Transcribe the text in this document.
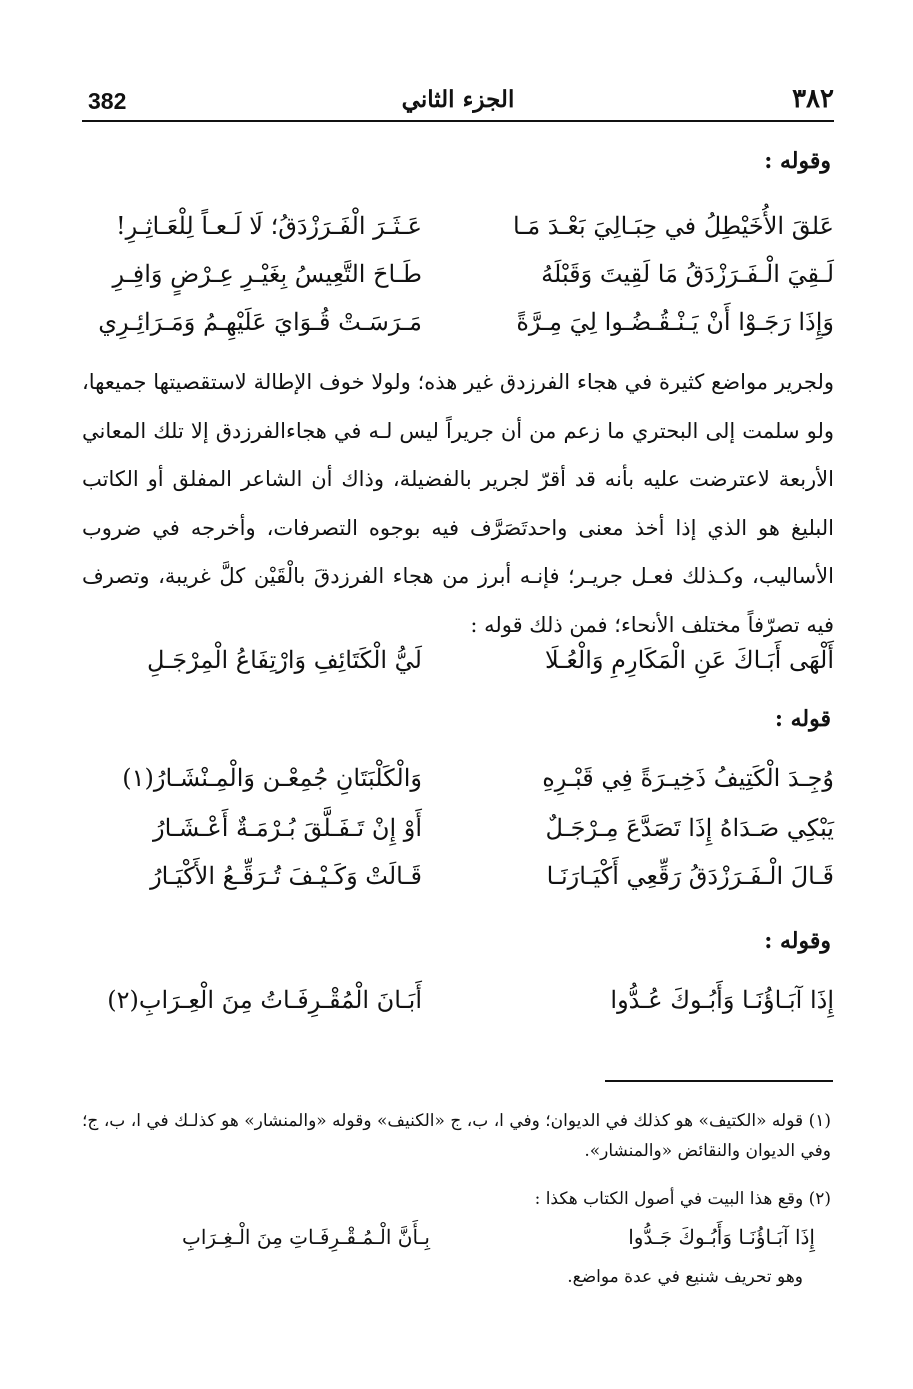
382	الجزء الثاني	٣٨٢

وقوله :

عَلقَ الأُخَيْطِلُ في حِبَـالِيَ بَعْـدَ مَـا
عَـثَـرَ الْفَـرَزْدَقُ؛ لَا لَـعـاً لِلْعَـاثِـرِ!
لَـقِيَ الْـفَـرَزْدَقُ مَا لَقِيتَ وَقَبْلَهُ
طَـاحَ التَّعِيسُ بِغَيْـرِ عِـرْضٍ وَافِـرِ
وَإِذَا رَجَـوْا أَنْ يَـنْـقُـضُـوا لِيَ مِـرَّةً
مَـرَسَـتْ قُـوَايَ عَلَيْهِـمُ وَمَـرَائِـرِي

ولجرير مواضع كثيرة في هجاء الفرزدق غير هذه؛ ولولا خوف الإطالة لاستقصيتها جميعها، ولو سلمت إلى البحتري ما زعم من أن جريراً ليس لـه في هجاءالفرزدق إلا تلك المعاني الأربعة لاعترضت عليه بأنه قد أقرّ لجرير بالفضيلة، وذاك أن الشاعر المفلق أو الكاتب البليغ هو الذي إذا أخذ معنى واحدتَصَرَّف فيه بوجوه التصرفات، وأخرجه في ضروب الأساليب، وكـذلك فعـل جريـر؛ فإنـه أبرز من هجاء الفرزدقَ بالْقَيْن كلَّ غريبة، وتصرف فيه تصرّفاً مختلف الأنحاء؛ فمن ذلك قوله :

أَلْهَى أَبَـاكَ عَنِ الْمَكَارِمِ وَالْعُـلَا
لَيُّ الْكَتَائِفِ وَارْتِفَاعُ الْمِرْجَـلِ

قوله :

وُجِـدَ الْكَتِيفُ ذَخِيـرَةً فِي قَبْـرِهِ
وَالْكَلْبَتَانِ جُمِعْـن وَالْمِـنْشَـارُ(١)
يَبْكِي صَـدَاهُ إِذَا تَصَدَّعَ مِـرْجَـلٌ
أَوْ إِنْ تَـفَـلَّقَ بُـرْمَـةٌ أَعْـشَـارُ
قَـالَ الْـفَـرَزْدَقُ رَقِّعِي أَكْيَـارَنَـا
قَـالَتْ وَكَـيْـفَ تُـرَقِّـعُ الأَكْيَـارُ

وقوله :

إِذَا آبَـاؤُنَـا وَأَبُـوكَ عُـدُّوا
أَبَـانَ الْمُقْـرِفَـاتُ مِنَ الْعِـرَابِ(٢)

(١) قوله «الكتيف» هو كذلك في الديوان؛ وفي ا، ب، ج «الكنيف» وقوله «والمنشار» هو كذلـك في ا، ب، ج؛ وفي الديوان والنقائض «والمنشار».

(٢) وقع هذا البيت في أصول الكتاب هكذا :

إِذَا آبَـاؤُنَـا وَأَبُـوكَ جَـدُّوا
بِـأَنَّ الْـمُـقْـرِفَـاتِ مِنَ الْـغِـرَابِ

وهو تحريف شنيع في عدة مواضع.
